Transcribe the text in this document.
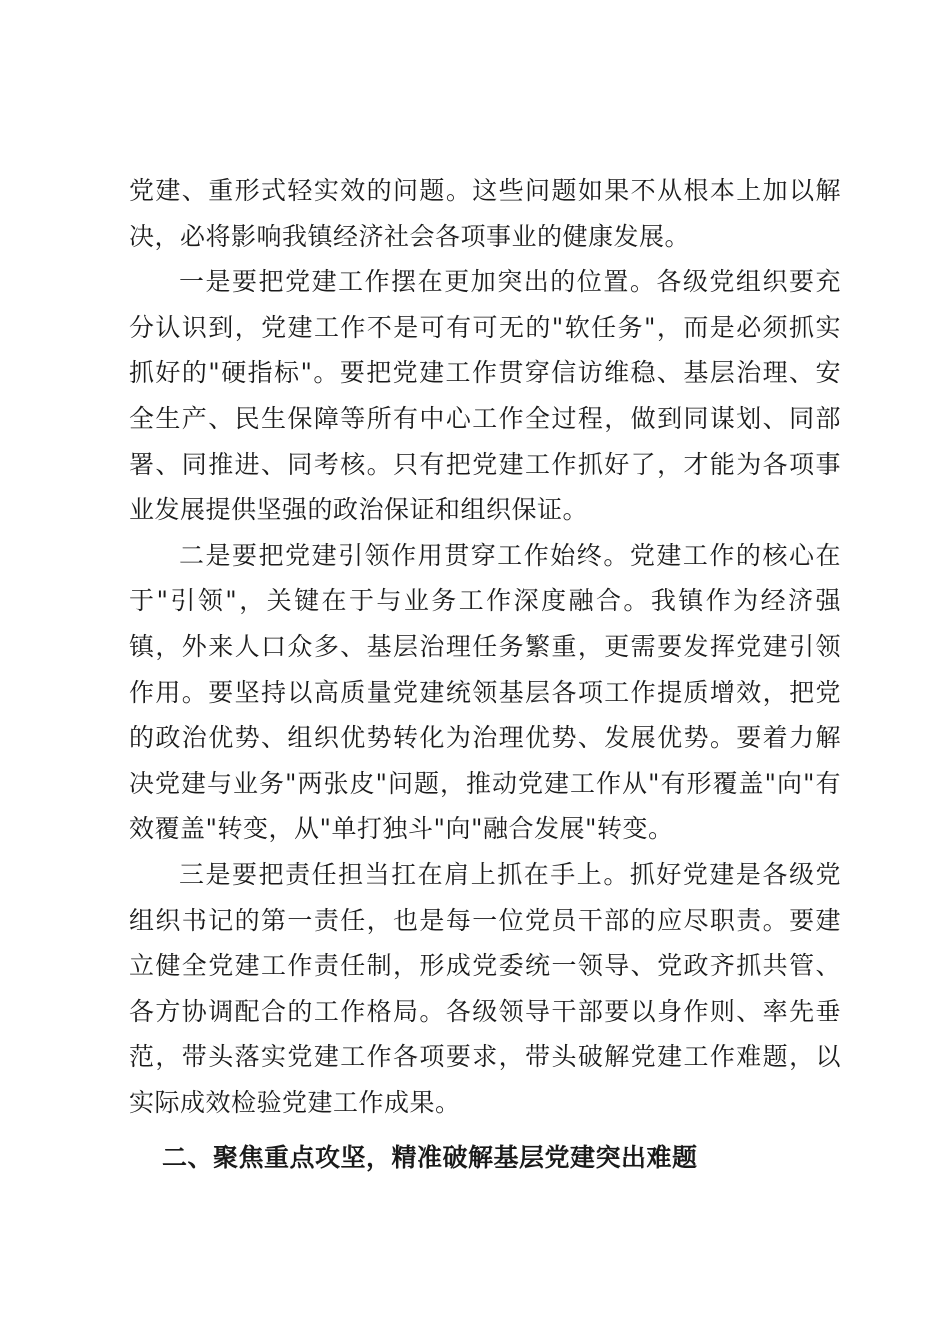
党建、重形式轻实效的问题。这些问题如果不从根本上加以解决，必将影响我镇经济社会各项事业的健康发展。

一是要把党建工作摆在更加突出的位置。各级党组织要充分认识到，党建工作不是可有可无的"软任务"，而是必须抓实抓好的"硬指标"。要把党建工作贯穿信访维稳、基层治理、安全生产、民生保障等所有中心工作全过程，做到同谋划、同部署、同推进、同考核。只有把党建工作抓好了，才能为各项事业发展提供坚强的政治保证和组织保证。

二是要把党建引领作用贯穿工作始终。党建工作的核心在于"引领"，关键在于与业务工作深度融合。我镇作为经济强镇，外来人口众多、基层治理任务繁重，更需要发挥党建引领作用。要坚持以高质量党建统领基层各项工作提质增效，把党的政治优势、组织优势转化为治理优势、发展优势。要着力解决党建与业务"两张皮"问题，推动党建工作从"有形覆盖"向"有效覆盖"转变，从"单打独斗"向"融合发展"转变。

三是要把责任担当扛在肩上抓在手上。抓好党建是各级党组织书记的第一责任，也是每一位党员干部的应尽职责。要建立健全党建工作责任制，形成党委统一领导、党政齐抓共管、各方协调配合的工作格局。各级领导干部要以身作则、率先垂范，带头落实党建工作各项要求，带头破解党建工作难题，以实际成效检验党建工作成果。

二、聚焦重点攻坚，精准破解基层党建突出难题
